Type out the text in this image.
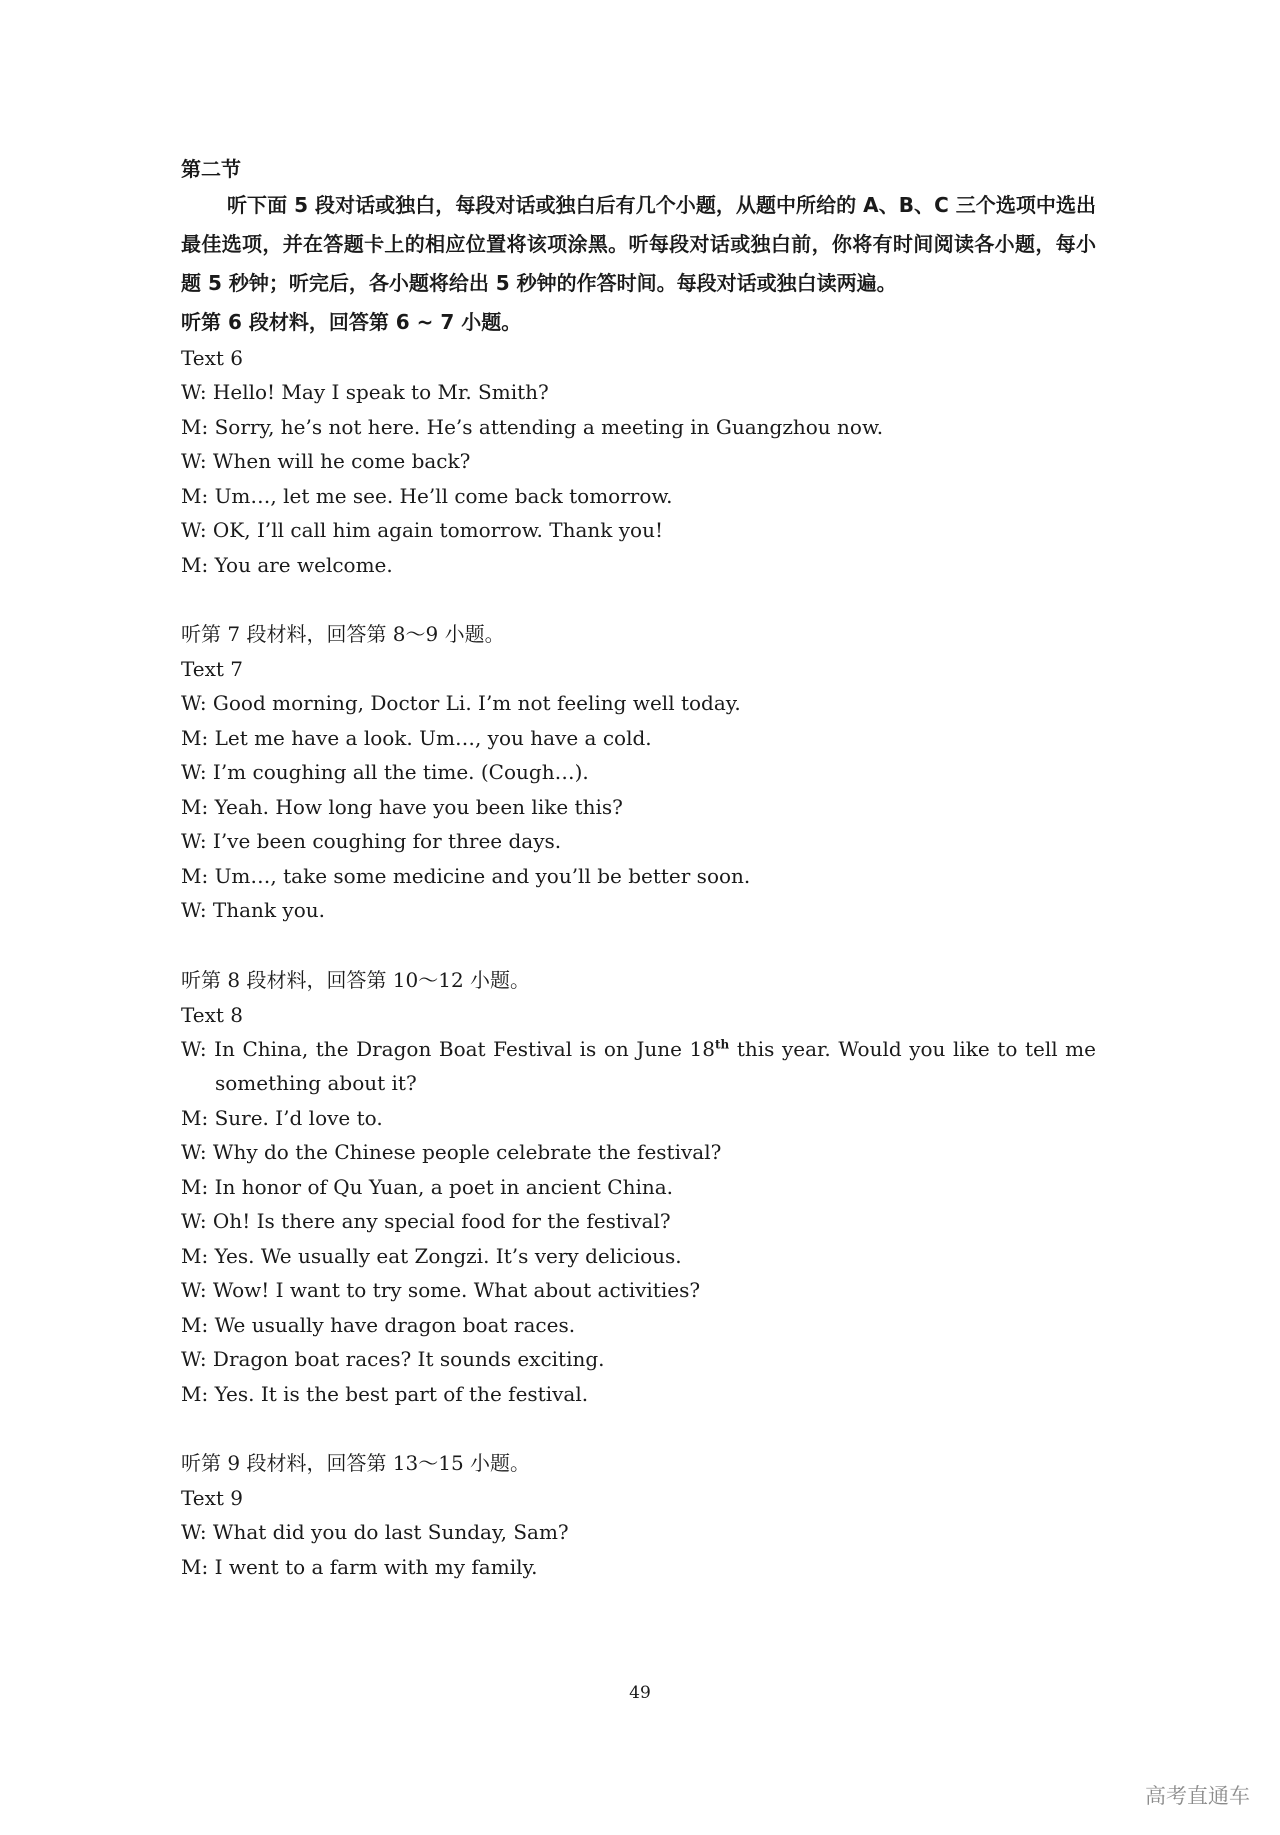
第二节

听下面 5 段对话或独白，每段对话或独白后有几个小题，从题中所给的 A、B、C 三个选项中选出最佳选项，并在答题卡上的相应位置将该项涂黑。听每段对话或独白前，你将有时间阅读各小题，每小题 5 秒钟；听完后，各小题将给出 5 秒钟的作答时间。每段对话或独白读两遍。

听第 6 段材料，回答第 6 ~ 7 小题。

Text 6

W: Hello! May I speak to Mr. Smith?

M: Sorry, he’s not here. He’s attending a meeting in Guangzhou now.

W: When will he come back?

M: Um…, let me see. He’ll come back tomorrow.

W: OK, I’ll call him again tomorrow. Thank you!

M: You are welcome.

听第 7 段材料，回答第 8～9 小题。

Text 7

W: Good morning, Doctor Li. I’m not feeling well today.

M: Let me have a look. Um…, you have a cold.

W: I’m coughing all the time. (Cough…).

M: Yeah. How long have you been like this?

W: I’ve been coughing for three days.

M: Um…, take some medicine and you’ll be better soon.

W: Thank you.

听第 8 段材料，回答第 10～12 小题。

Text 8

W: In China, the Dragon Boat Festival is on June 18th this year. Would you like to tell me something about it?

M: Sure. I’d love to.

W: Why do the Chinese people celebrate the festival?

M: In honor of Qu Yuan, a poet in ancient China.

W: Oh! Is there any special food for the festival?

M: Yes. We usually eat Zongzi. It’s very delicious.

W: Wow! I want to try some. What about activities?

M: We usually have dragon boat races.

W: Dragon boat races? It sounds exciting.

M: Yes. It is the best part of the festival.

听第 9 段材料，回答第 13～15 小题。

Text 9

W: What did you do last Sunday, Sam?

M: I went to a farm with my family.

49
高考直通车
